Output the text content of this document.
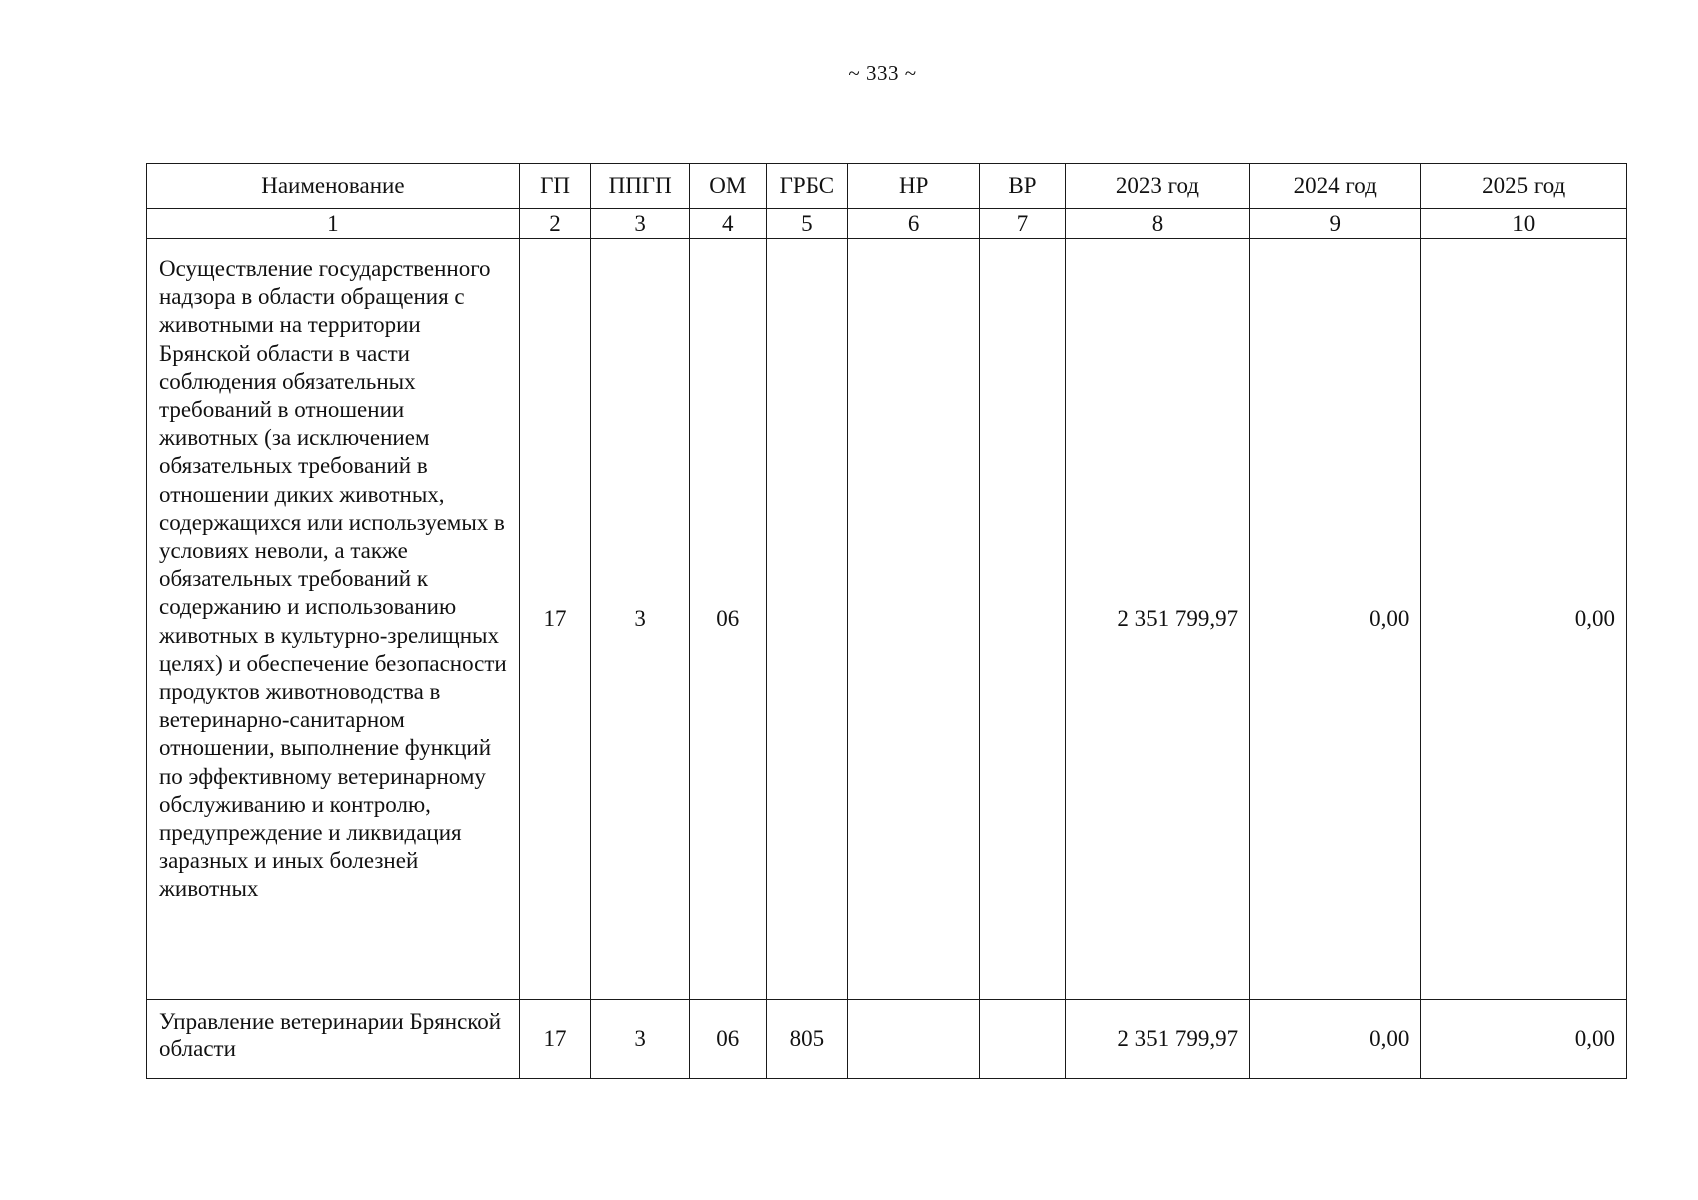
~ 333 ~
Наименование	ГП	ППГП	ОМ	ГРБС	НР	ВР	2023 год	2024 год	2025 год
1	2	3	4	5	6	7	8	9	10
Осуществление государственного надзора в области обращения с животными на территории Брянской области в части соблюдения обязательных требований в отношении животных (за исключением обязательных требований в отношении диких животных, содержащихся или используемых в условиях неволи, а также обязательных требований к содержанию и использованию животных в культурно-зрелищных целях) и обеспечение безопасности продуктов животноводства в ветеринарно-санитарном отношении, выполнение функций по эффективному ветеринарному обслуживанию и контролю, предупреждение и ликвидация заразных и иных болезней животных	17	3	06				2 351 799,97	0,00	0,00
Управление ветеринарии Брянской области	17	3	06	805			2 351 799,97	0,00	0,00
